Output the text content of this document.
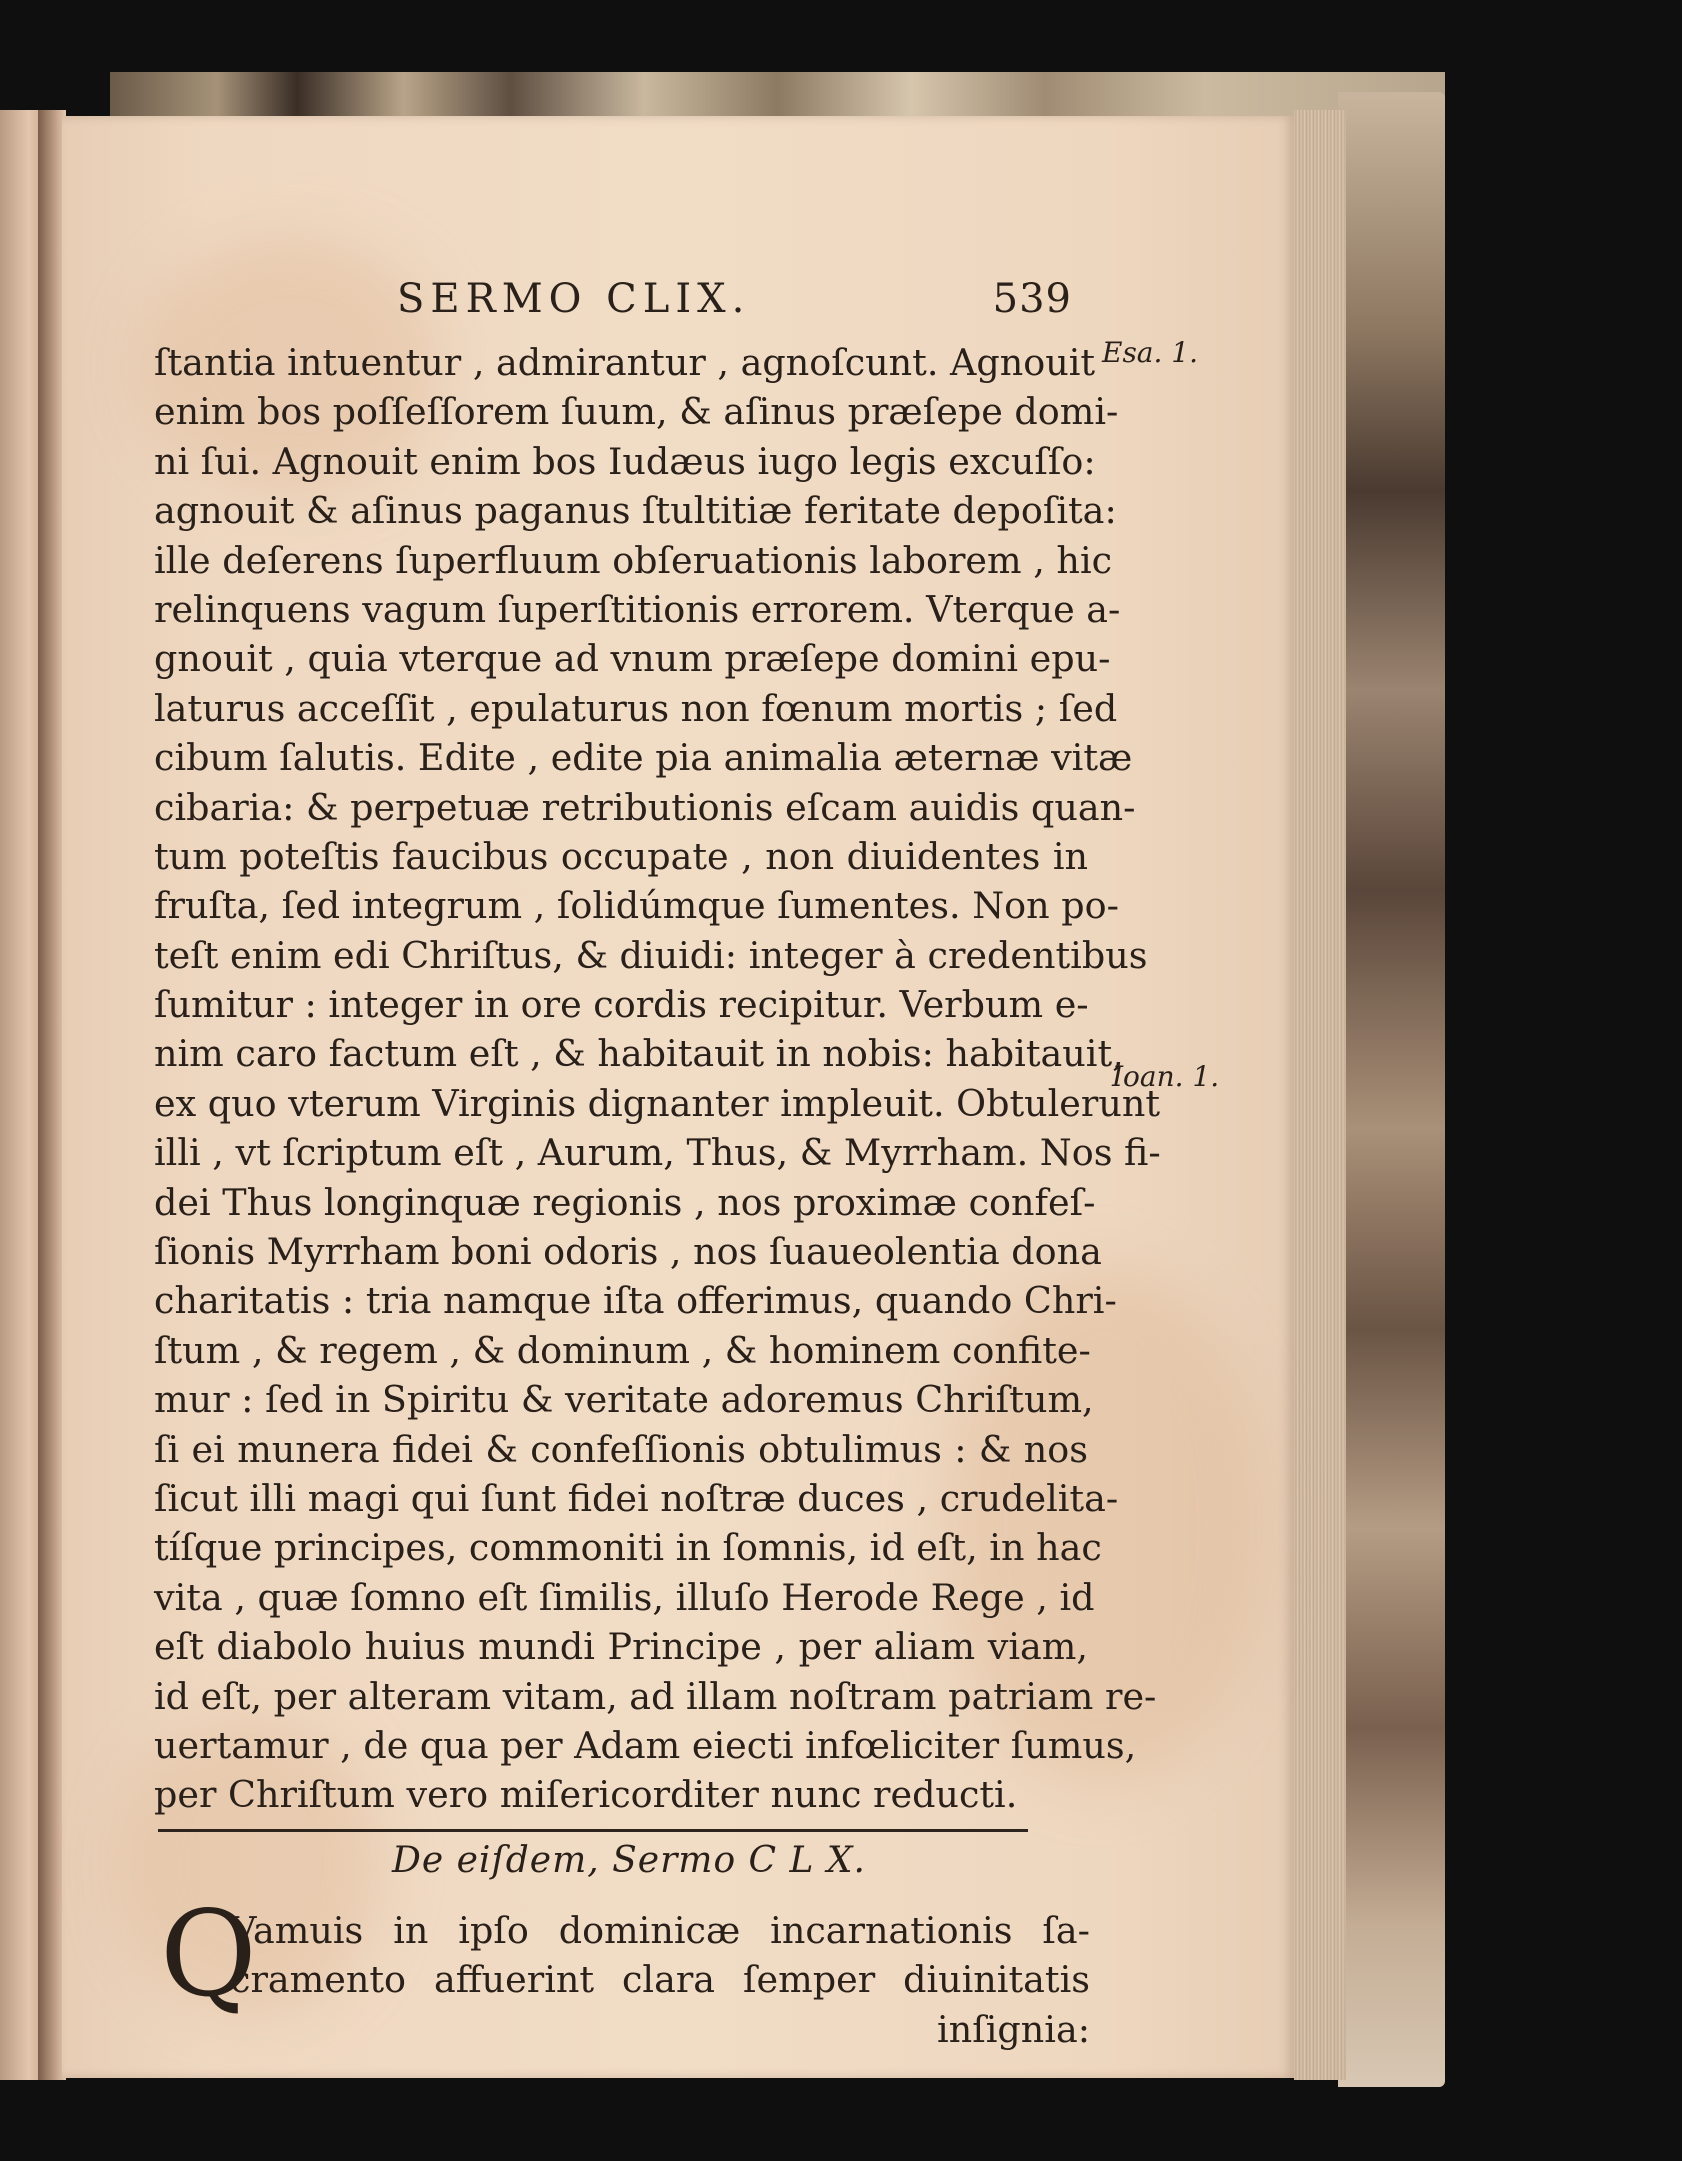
SERMO CLIX.	539
ſtantia intuentur , admirantur , agnoſcunt. Agnouit
enim bos poſſeſſorem ſuum, & aſinus præſepe domi-
ni ſui. Agnouit enim bos Iudæus iugo legis excuſſo:
agnouit & aſinus paganus ſtultitiæ feritate depoſita:
ille deſerens ſuperfluum obſeruationis laborem , hic
relinquens vagum ſuperſtitionis errorem. Vterque a-
gnouit , quia vterque ad vnum præſepe domini epu-
laturus acceſſit , epulaturus non fœnum mortis ; ſed
cibum ſalutis. Edite , edite pia animalia æternæ vitæ
cibaria: & perpetuæ retributionis eſcam auidis quan-
tum poteſtis faucibus occupate , non diuidentes in
fruſta, ſed integrum , ſolidúmque ſumentes. Non po-
teſt enim edi Chriſtus, & diuidi: integer à credentibus
ſumitur : integer in ore cordis recipitur. Verbum e-
nim caro factum eſt , & habitauit in nobis: habitauit,
ex quo vterum Virginis dignanter impleuit. Obtulerunt
illi , vt ſcriptum eſt , Aurum, Thus, & Myrrham. Nos fi-
dei Thus longinquæ regionis , nos proximæ confeſ-
ſionis Myrrham boni odoris , nos ſuaueolentia dona
charitatis : tria namque iſta offerimus, quando Chri-
ſtum , & regem , & dominum , & hominem confite-
mur : ſed in Spiritu & veritate adoremus Chriſtum,
ſi ei munera fidei & confeſſionis obtulimus : & nos
ſicut illi magi qui ſunt fidei noſtræ duces , crudelita-
tíſque principes, commoniti in ſomnis, id eſt, in hac
vita , quæ ſomno eſt ſimilis, illuſo Herode Rege , id
eſt diabolo huius mundi Principe , per aliam viam,
id eſt, per alteram vitam, ad illam noſtram patriam re-
uertamur , de qua per Adam eiecti infœliciter ſumus,
per Chriſtum vero miſericorditer nunc reducti.
Esa. 1.
Ioan. 1.
De eiſdem, Sermo C L X.
Q
Vamuis in ipſo dominicæ incarnationis ſa-
cramento affuerint clara ſemper diuinitatis
inſignia:
